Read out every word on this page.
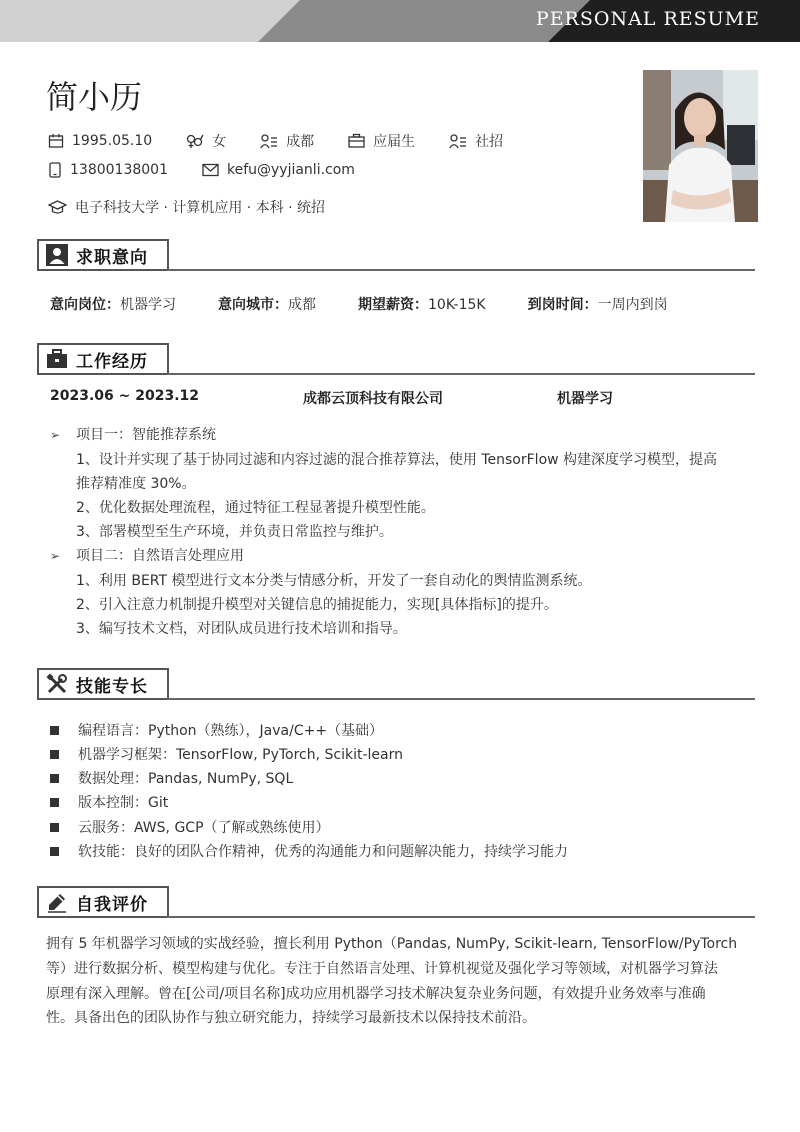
PERSONAL RESUME
简小历
1995.05.10	女	成都	应届生	社招
13800138001	kefu@yyjianli.com
电子科技大学 · 计算机应用 · 本科 · 统招
求职意向
意向岗位：机器学习	意向城市：成都	期望薪资：10K-15K	到岗时间：一周内到岗
工作经历
2023.06 ~ 2023.12	成都云顶科技有限公司	机器学习
➢ 项目一：智能推荐系统
1、设计并实现了基于协同过滤和内容过滤的混合推荐算法，使用 TensorFlow 构建深度学习模型，提高
推荐精准度 30%。
2、优化数据处理流程，通过特征工程显著提升模型性能。
3、部署模型至生产环境，并负责日常监控与维护。
➢ 项目二：自然语言处理应用
1、利用 BERT 模型进行文本分类与情感分析，开发了一套自动化的舆情监测系统。
2、引入注意力机制提升模型对关键信息的捕捉能力，实现[具体指标]的提升。
3、编写技术文档，对团队成员进行技术培训和指导。
技能专长
编程语言：Python（熟练），Java/C++（基础）
机器学习框架：TensorFlow, PyTorch, Scikit-learn
数据处理：Pandas, NumPy, SQL
版本控制：Git
云服务：AWS, GCP（了解或熟练使用）
软技能：良好的团队合作精神，优秀的沟通能力和问题解决能力，持续学习能力
自我评价
拥有 5 年机器学习领域的实战经验，擅长利用 Python（Pandas, NumPy, Scikit-learn, TensorFlow/PyTorch
等）进行数据分析、模型构建与优化。专注于自然语言处理、计算机视觉及强化学习等领域，对机器学习算法
原理有深入理解。曾在[公司/项目名称]成功应用机器学习技术解决复杂业务问题，有效提升业务效率与准确
性。具备出色的团队协作与独立研究能力，持续学习最新技术以保持技术前沿。
